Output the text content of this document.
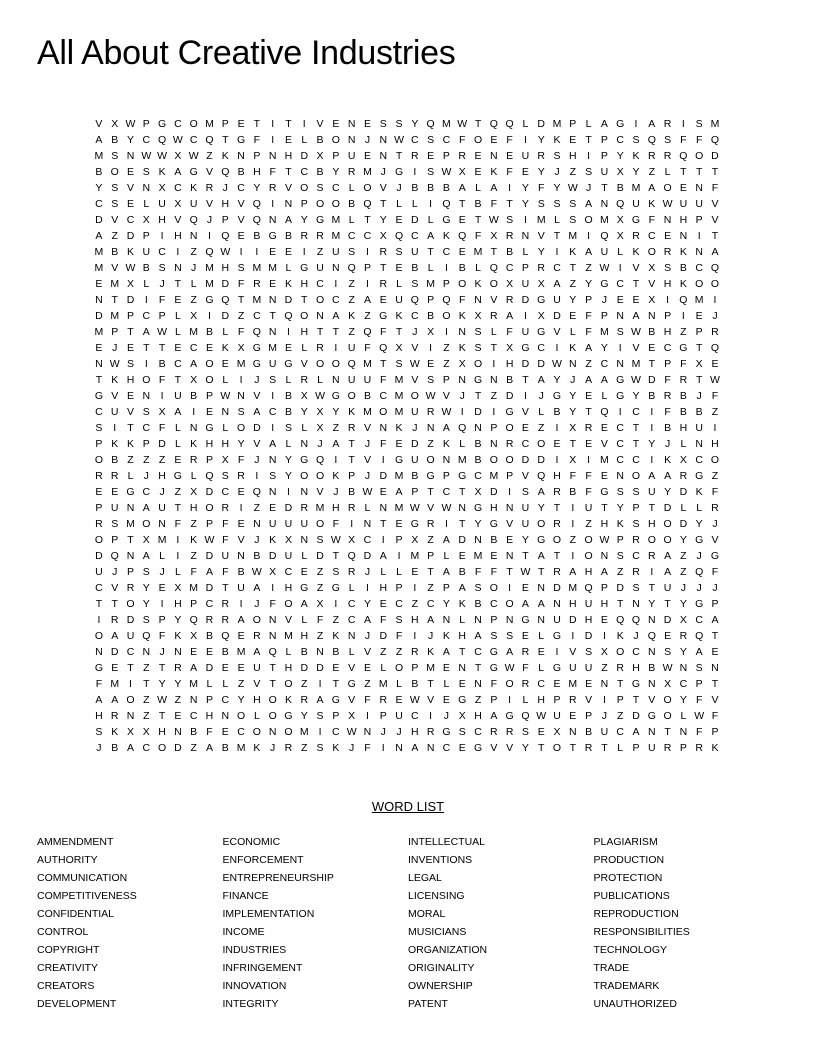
All About Creative Industries
V X W P G C O M P E T	I	T	I	V E N E S S Y Q M W T Q Q L D M P L A G I	A R	I	S M
A B Y C Q W C Q T G F	I	E L B O N J N W C S C F O E F	I	Y K E T P C S Q S F F Q
M S N W W X W Z K N P N H D X P U E N T R E P R E N E U R S H	I	P Y K R R Q O D
B O E S K A G V Q B H F T C B Y R M J G I	S W X E K F E Y J Z S U X Y Z L T T T
Y S V N X C K R J C Y R V O S C L O V J B B B A L A	I	Y F Y W J T B M A O E N F
C S E L U X U V H V Q I	N P O O B Q T L L	I Q T B F T Y S S S A N Q U K W U U V
D V C X H V Q J P V Q N A Y G M L T Y E D L G E T W S	I M L S O M X G F N H P V
A Z D P	I	H N	I Q E B G B R R M C C X Q C A K Q F X R N V T M I Q X R C E N	I	T
M B K U C	I	Z Q W I	I	E E	I	Z U S	I	R S U T C E M T B L Y	I	K A U L K O R K N A
M V W B S N J M H S M M L G U N Q P T E B L	I	B L Q C P R C T Z W I	V X S B C Q
E M X L J T L M D F R E K H C	I	Z	I	R L S M P O K O X U X A Z Y G C T V H K O O
N T D	I	F E Z G Q T M N D T O C Z A E U Q P Q F N V R D G U Y P J E E X	I Q M I
D M P C P L X	I	D Z C T Q O N A K Z G K C B O K X R A	I	X D E F P N A N P	I	E J
M P T A W L M B L F Q N	I	H T T Z Q F T J X	I	N S L F U G V L F M S W B H Z P R
E J E T T E C E K X G M E L R	I	U F Q X V	I	Z K S T X G C	I	K A Y	I	V E C G T Q
N W S	I	B C A O E M G U G V O O Q M T S W E Z X O I	H D D W N Z C N M T P F X E
T K H O F T X O L	I	J S L R L N U U F M V S P N G N B T A Y J A A G W D F R T W
G V E N	I	U B P W N V	I	B X W G O B C M O W V J T Z D	I	J G Y E L G Y B R B J F
C U V S X A	I	E N S A C B Y X Y K M O M U R W I	D	I G V L B Y T Q I	C	I	F B B Z
S	I	T C F L N G L O D	I	S L X Z R V N K J N A Q N P O E Z	I	X R E C T	I	B H U	I
P K K P D L K H H Y V A L N J A T J F E D Z K L B N R C O E T E V C T Y J L N H
O B Z Z Z E R P X F J N Y G Q I	T V	I G U O N M B O O D D	I	X	I M C C	I	K X C O
R R L J H G L Q S R	I	S Y O O K P J D M B G P G C M P V Q H F F E N O A A R G Z
E E G C J Z X D C E Q N	I	N V J B W E A P T C T X D	I	S A R B F G S S U Y D K F
P U N A U T H O R	I	Z E D R M H R L N M W V W N G H N U Y T	I	U T Y P T D L L R
R S M O N F Z P F E N U U U O F	I	N T E G R	I	T Y G V U O R	I	Z H K S H O D Y J
O P T X M I	K W F V J K X N S W X C	I	P X Z A D N B E Y G O Z O W P R O O Y G V
D Q N A L	I	Z D U N B D U L D T Q D A	I M P L E M E N T A T	I O N S C R A Z J G
U J P S J L F A F B W X C E Z S R J L L E T A B F F T W T R A H A Z R	I	A Z Q F
C V R Y E X M D T U A	I	H G Z G L	I	H P	I	Z P A S O I	E N D M Q P D S T U J	J	J
T T O Y	I	H P C R	I	J F O A X	I	C Y E C Z C Y K B C O A A N H U H T N Y T Y G P
I	R D S P Y Q R R A O N V L F Z C A F S H A N L N P N G N U D H E Q Q N D X C A
O A U Q F K X B Q E R N M H Z K N J D F	I	J K H A S S E L G I	D	I	K J Q E R Q T
N D C N J N E E B M A Q L B N B L V Z Z R K A T C G A R E	I	V S X O C N S Y A E
G E T Z T R A D E E U T H D D E V E L O P M E N T G W F L G U U Z R H B W N S N
F M I	T Y Y M L L Z V T O Z	I	T G Z M L B T L E N F O R C E M E N T G N X C P T
A A O Z W Z N P C Y H O K R A G V F R E W V E G Z P	I	L H P R V	I	P T V O Y F V
H R N Z T E C H N O L O G Y S P X	I	P U C	I	J X H A G Q W U E P J Z D G O L W F
S K X X H N B F E C O N O M I	C W N J	J H R G S C R R S E X N B U C A N T N F P
J B A C O D Z A B M K J R Z S K J F	I	N A N C E G V V Y T O T R T L P U R P R K
WORD LIST
AMMENDMENT
AUTHORITY
COMMUNICATION
COMPETITIVENESS
CONFIDENTIAL
CONTROL
COPYRIGHT
CREATIVITY
CREATORS
DEVELOPMENT
ECONOMIC
ENFORCEMENT
ENTREPRENEURSHIP
FINANCE
IMPLEMENTATION
INCOME
INDUSTRIES
INFRINGEMENT
INNOVATION
INTEGRITY
INTELLECTUAL
INVENTIONS
LEGAL
LICENSING
MORAL
MUSICIANS
ORGANIZATION
ORIGINALITY
OWNERSHIP
PATENT
PLAGIARISM
PRODUCTION
PROTECTION
PUBLICATIONS
REPRODUCTION
RESPONSIBILITIES
TECHNOLOGY
TRADE
TRADEMARK
UNAUTHORIZED
